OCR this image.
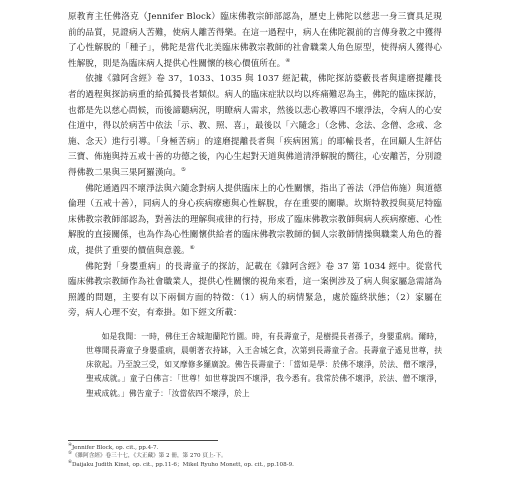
原教育主任佛洛克（Jennifer Block）臨床佛教宗師部認為，歷史上佛陀以慈悲一身三寶具足現前的品質，見證病人苦難，使病人離苦得樂。在這一過程中，病人在佛陀親前的言傳身教之中獲得了心性解脫的「種子」，佛陀是當代北美臨床佛教宗教師的社會職業人角色原型，使得病人獲得心性解脫，則是為臨床病人提供心性關懷的核心價值所在。④

依據《雜阿含經》卷 37，1033、1035 與 1037 經記載，佛陀探訪婆藪長者與達磨提離長者的過程與探訪病重的給孤獨長者類似。病人的臨床症狀以均以疼痛難忍為主，佛陀的臨床探訪，也都是先以慈心問候，而後諦聽病況，明瞭病人需求，然後以悲心教導四不壞淨法，令病人的心安住道中，得以於病苦中依法「示、教、照、喜」，最後以「六隨念」（念佛、念法、念僧、念戒、念施、念天）進行引導。「身極苦病」的達磨提離長者與「疾病困篤」的耶輸長者，在回顧人生評估三寶、佈施與持五戒十善的功德之後，內心生起對天道與佛道清淨解脫的嚮往，心安離苦，分別證得佛教二果與三果阿羅漢向。⑤

佛陀通過四不壞淨法與六隨念對病人提供臨床上的心性關懷，指出了善法（淨信佈施）與道德倫理（五戒十善），同病人的身心疾病療癒與心性解脫，存在重要的關聯。坎斯特教授與莫尼特臨床佛教宗教師部認為，對善法的理解與戒律的行持，形成了臨床佛教宗教師與病人疾病療癒、心性解脫的直接關係，也為作為心性關懷供給者的臨床佛教宗教師的個人宗教師情操與職業人角色的養成，提供了重要的價值與意義。⑥

佛陀對「身嬰重病」的長壽童子的探訪，記載在《雜阿含經》卷 37 第 1034 經中。從當代臨床佛教宗教師作為社會職業人，提供心性關懷的視角來看，這一案例涉及了病人與家屬急需諸為照護的問題，主要有以下兩個方面的特徵：（1）病人的病情緊急，處於臨終狀態；（2）家屬在旁，病人心理不安，有牽掛。如下經文所載：

如是我聞：一時，佛住王舍城迦蘭陀竹園。時，有長壽童子，是樹提長者孫子，身嬰重病。爾時，世尊聞長壽童子身嬰重病，晨朝著衣持缽，入王舍城乞食，次第到長壽童子舍。長壽童子遙見世尊，扶床欲起。乃至說三受，如叉摩修多羅廣說。佛告長壽童子：「當如是學：於佛不壞淨，於法、僧不壞淨，聖戒成就。」童子白佛言：「世尊！如世尊說四不壞淨，我今悉有。我常於佛不壞淨，於法、僧不壞淨，聖戒成就。」佛告童子：「汝當依四不壞淨，於上

④Jennifer Block, op. cit., pp.4-7.

⑤《雜阿含經》卷三十七，《大正藏》第 2 冊，第 270 頁上-下。

⑥Daijaku Judith Kinst, op. cit., pp.11-6；Mikel Ryuho Monett, op. cit., pp.108-9.
